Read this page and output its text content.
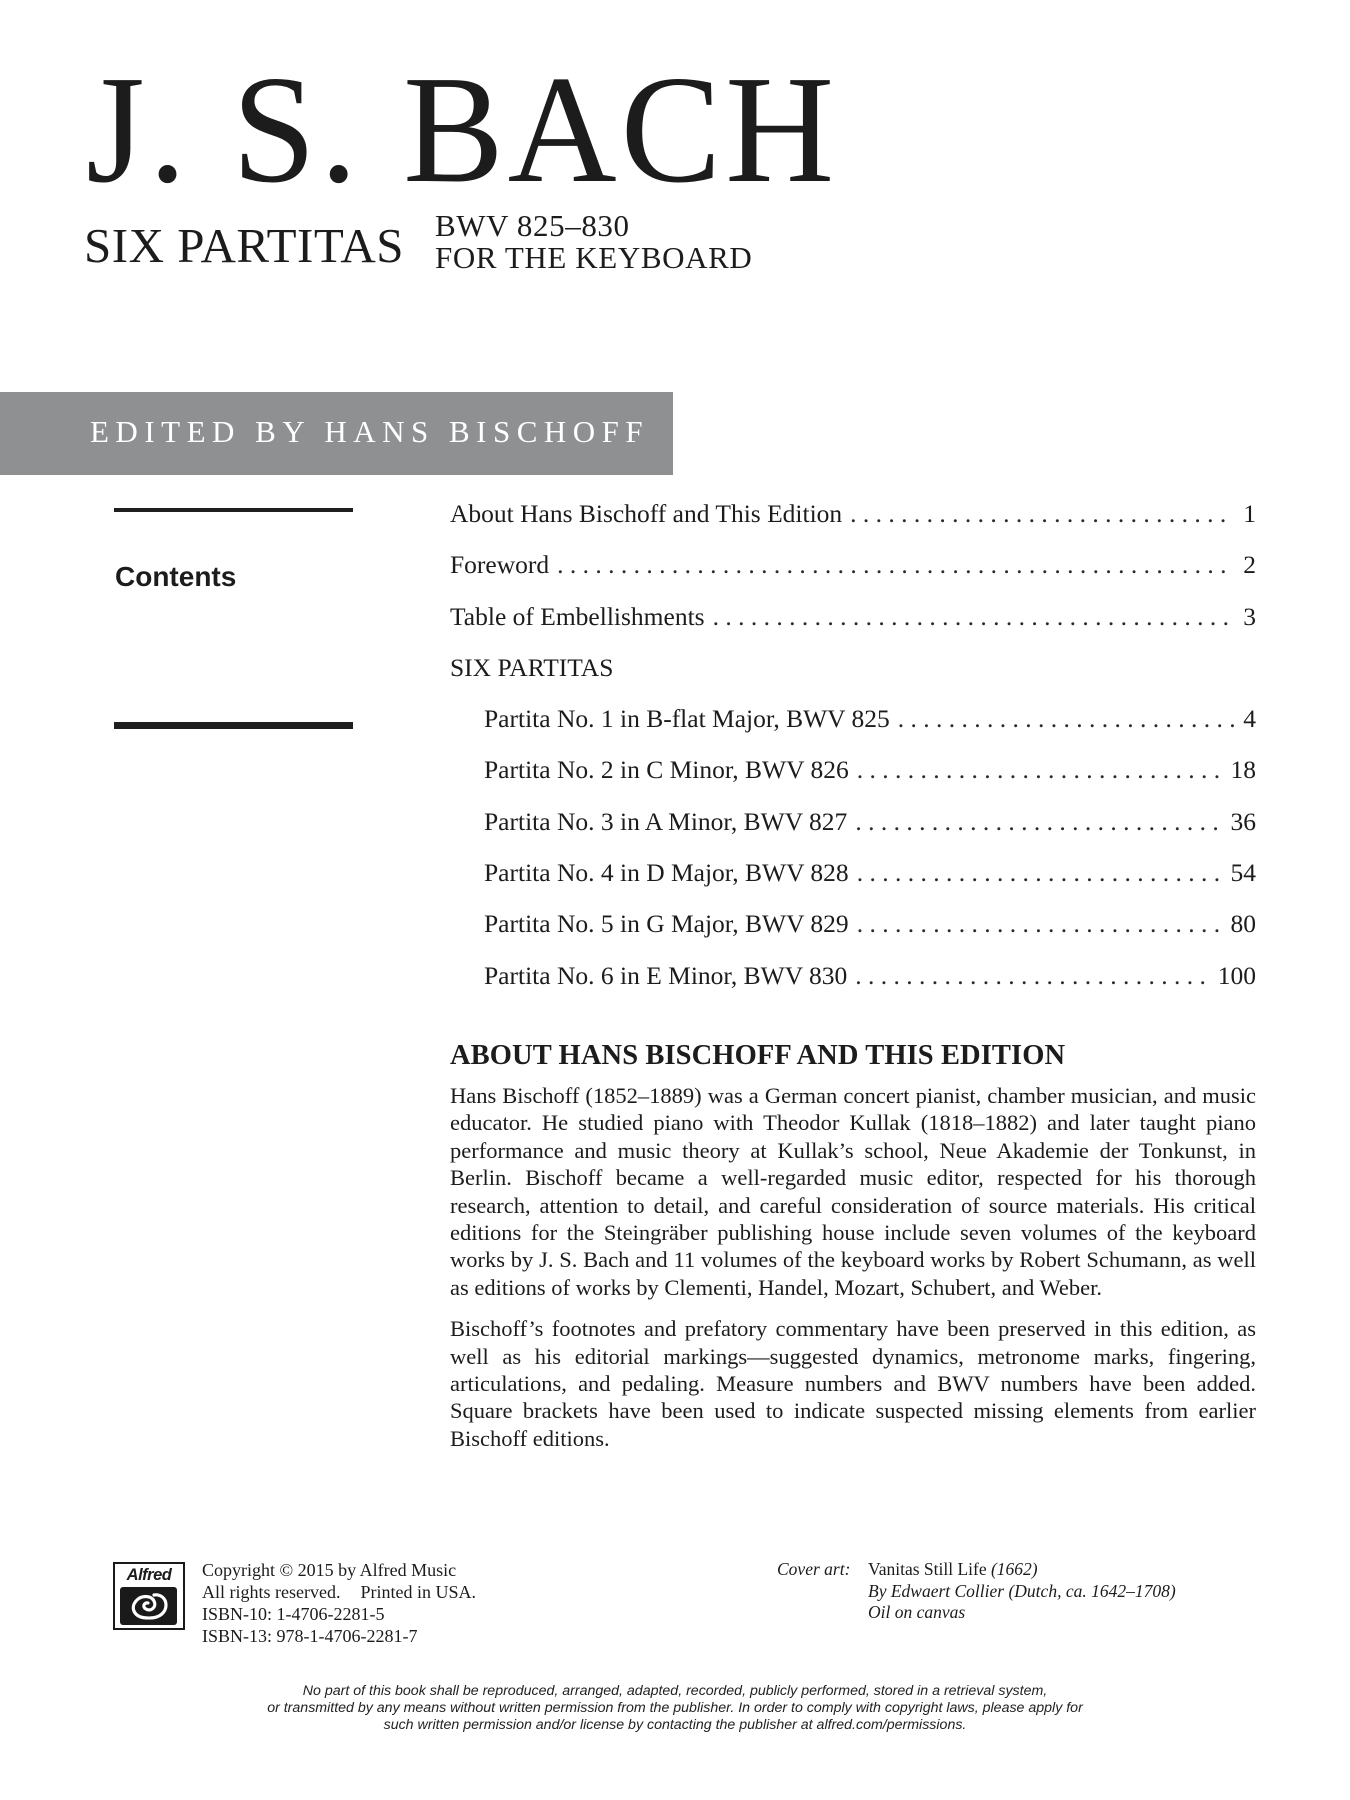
J. S. BACH
SIX PARTITAS BWV 825–830
FOR THE KEYBOARD
EDITED BY HANS BISCHOFF
Contents
About Hans Bischoff and This Edition . . .	1
Foreword . . .	2
Table of Embellishments . . .	3
SIX PARTITAS
Partita No. 1 in B-flat Major, BWV 825 . . .	4
Partita No. 2 in C Minor, BWV 826 . . .	18
Partita No. 3 in A Minor, BWV 827 . . .	36
Partita No. 4 in D Major, BWV 828 . . .	54
Partita No. 5 in G Major, BWV 829 . . .	80
Partita No. 6 in E Minor, BWV 830 . . .	100
ABOUT HANS BISCHOFF AND THIS EDITION

Hans Bischoff (1852–1889) was a German concert pianist, chamber musician, and music educator. He studied piano with Theodor Kullak (1818–1882) and later taught piano performance and music theory at Kullak’s school, Neue Akademie der Tonkunst, in Berlin. Bischoff became a well-regarded music editor, respected for his thorough research, attention to detail, and careful consideration of source materials. His critical editions for the Steingräber publishing house include seven volumes of the keyboard works by J. S. Bach and 11 volumes of the keyboard works by Robert Schumann, as well as editions of works by Clementi, Handel, Mozart, Schubert, and Weber.

Bischoff’s footnotes and prefatory commentary have been preserved in this edition, as well as his editorial markings—suggested dynamics, metronome marks, fingering, articulations, and pedaling. Measure numbers and BWV numbers have been added. Square brackets have been used to indicate suspected missing elements from earlier Bischoff editions.

Alfred	Copyright © 2015 by Alfred Music
All rights reserved. Printed in USA.
ISBN-10: 1-4706-2281-5
ISBN-13: 978-1-4706-2281-7
Cover art:	Vanitas Still Life (1662)
By Edwaert Collier (Dutch, ca. 1642–1708)
Oil on canvas
No part of this book shall be reproduced, arranged, adapted, recorded, publicly performed, stored in a retrieval system,
or transmitted by any means without written permission from the publisher. In order to comply with copyright laws, please apply for
such written permission and/or license by contacting the publisher at alfred.com/permissions.
